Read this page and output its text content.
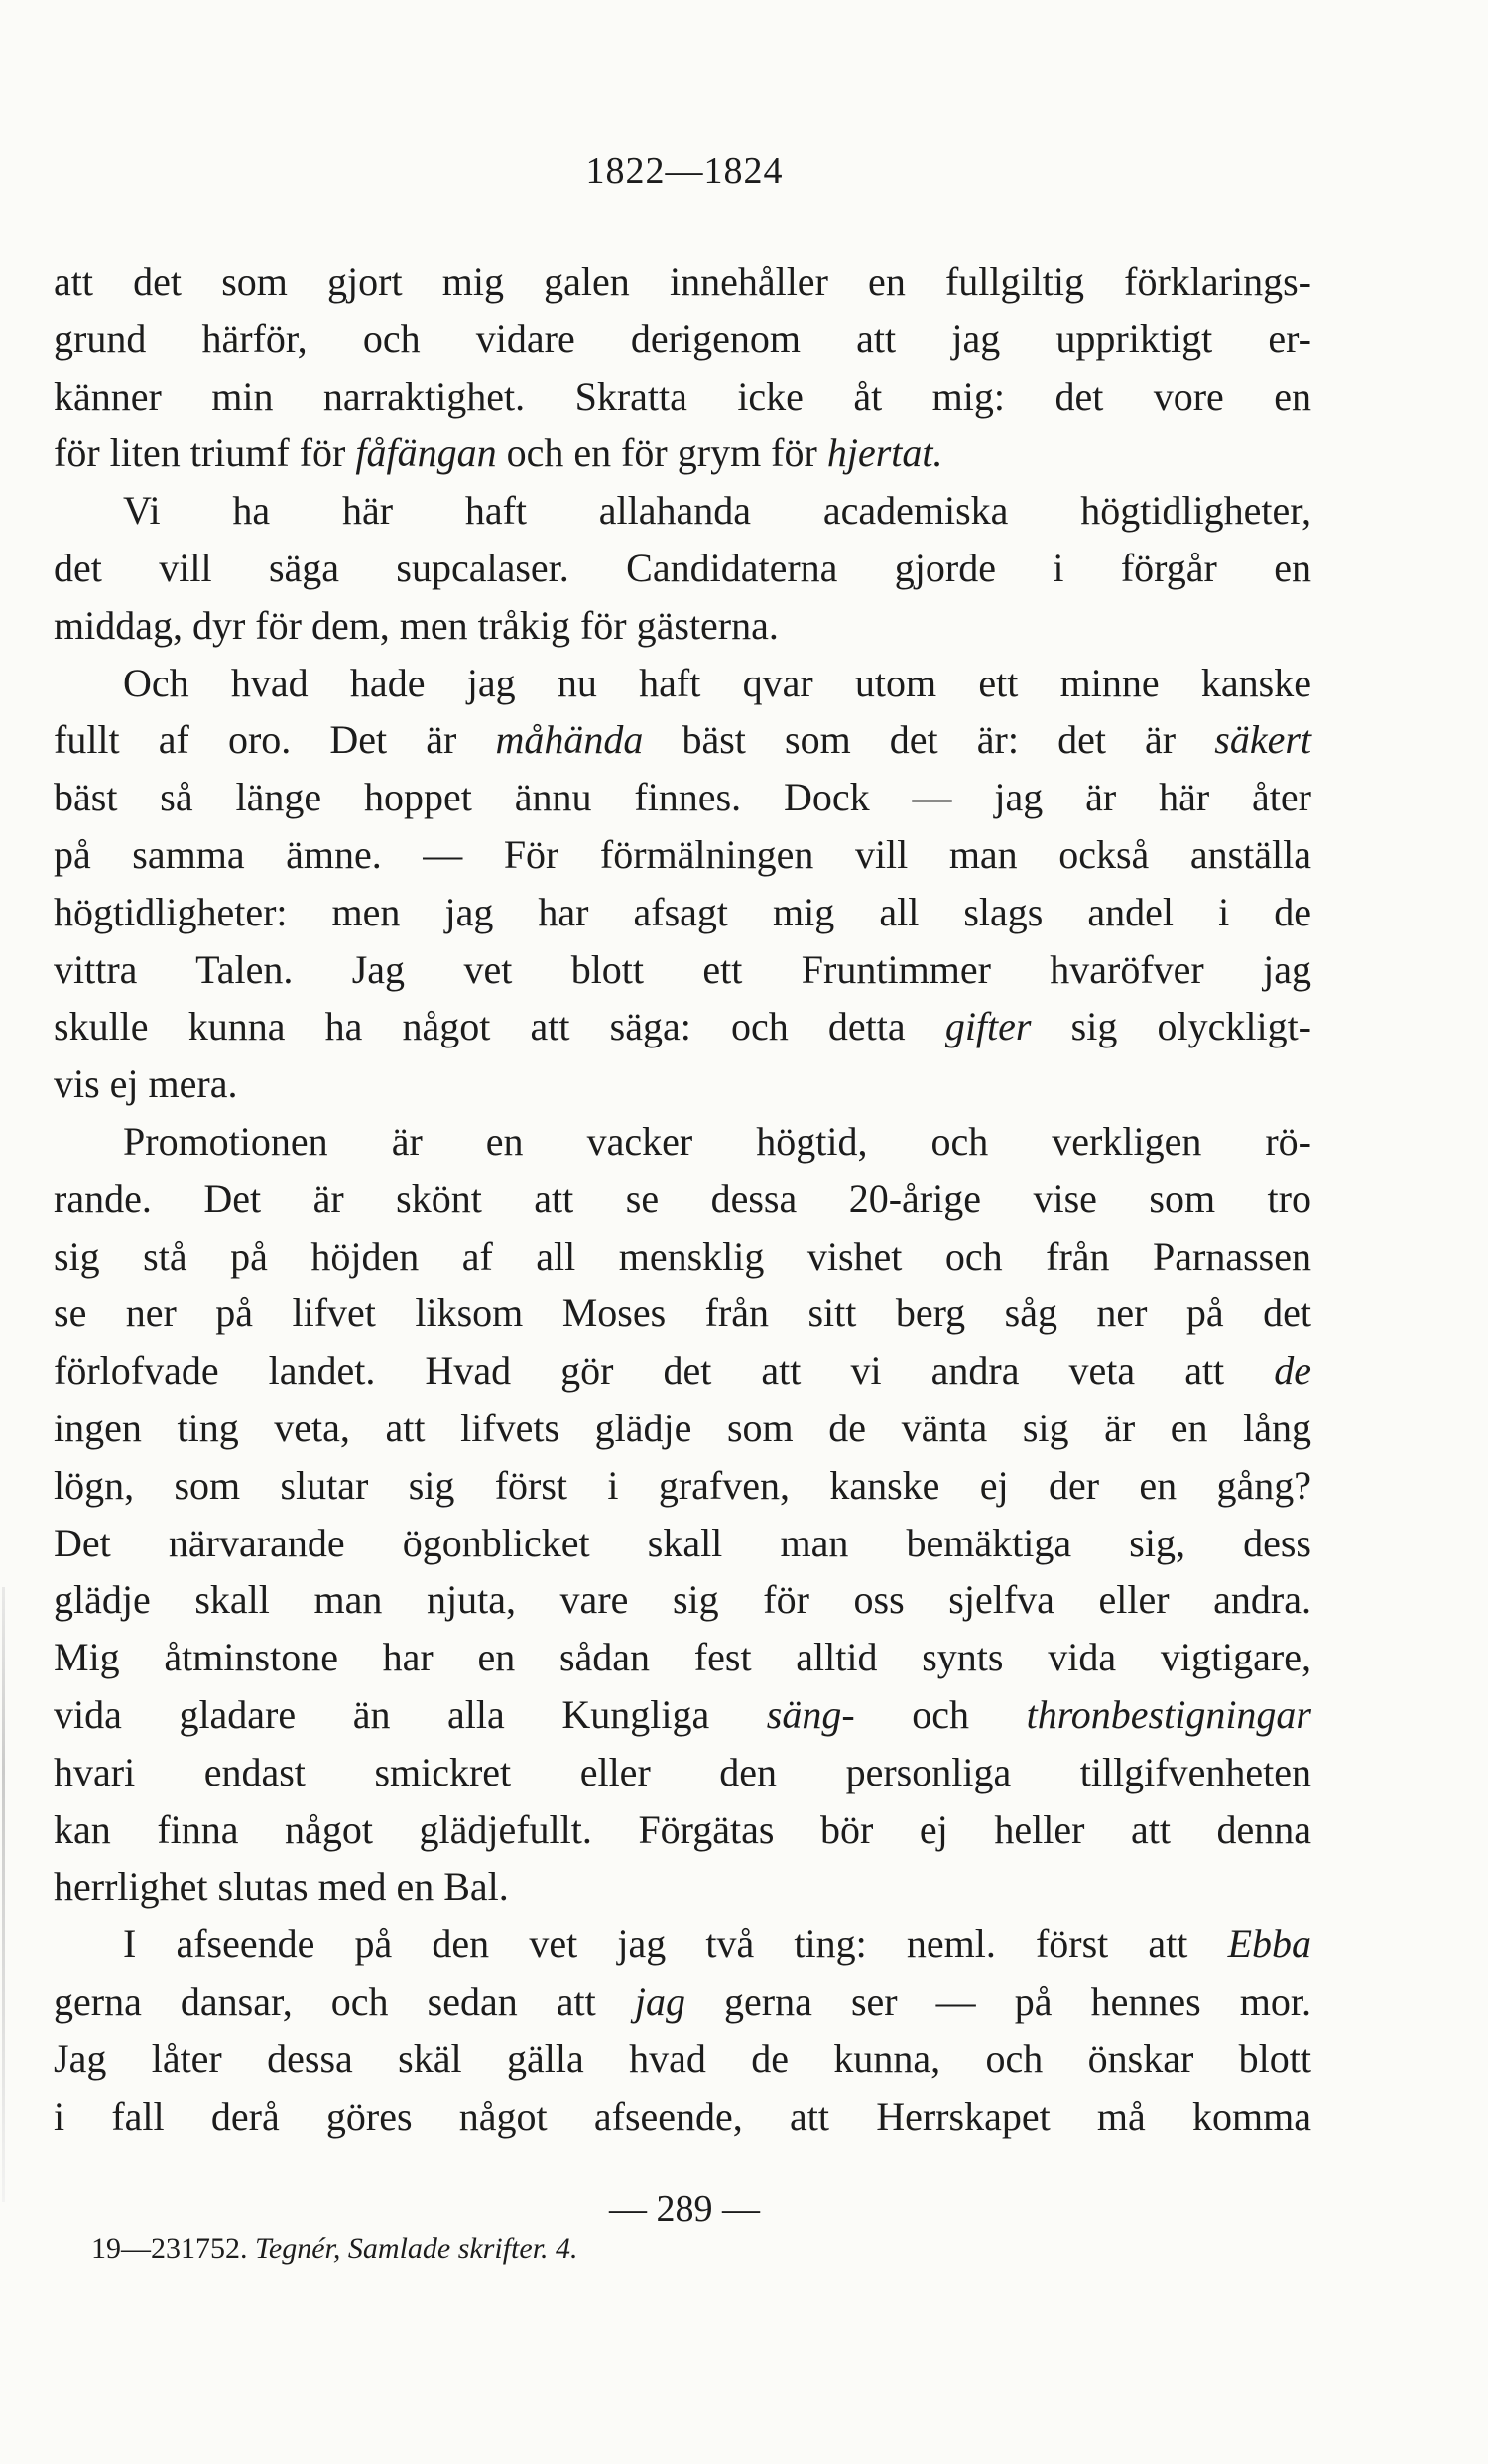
1822—1824
att det som gjort mig galen innehåller en fullgiltig förklarings-
grund härför, och vidare derigenom att jag uppriktigt er-
känner min narraktighet. Skratta icke åt mig: det vore en
för liten triumf för fåfängan och en för grym för hjertat.
Vi ha här haft allahanda academiska högtidligheter,
det vill säga supcalaser. Candidaterna gjorde i förgår en
middag, dyr för dem, men tråkig för gästerna.
Och hvad hade jag nu haft qvar utom ett minne kanske
fullt af oro. Det är måhända bäst som det är: det är säkert
bäst så länge hoppet ännu finnes. Dock — jag är här åter
på samma ämne. — För förmälningen vill man också anställa
högtidligheter: men jag har afsagt mig all slags andel i de
vittra Talen. Jag vet blott ett Fruntimmer hvaröfver jag
skulle kunna ha något att säga: och detta gifter sig olyckligt-
vis ej mera.
Promotionen är en vacker högtid, och verkligen rö-
rande. Det är skönt att se dessa 20-årige vise som tro
sig stå på höjden af all mensklig vishet och från Parnassen
se ner på lifvet liksom Moses från sitt berg såg ner på det
förlofvade landet. Hvad gör det att vi andra veta att de
ingen ting veta, att lifvets glädje som de vänta sig är en lång
lögn, som slutar sig först i grafven, kanske ej der en gång?
Det närvarande ögonblicket skall man bemäktiga sig, dess
glädje skall man njuta, vare sig för oss sjelfva eller andra.
Mig åtminstone har en sådan fest alltid synts vida vigtigare,
vida gladare än alla Kungliga säng- och thronbestigningar
hvari endast smickret eller den personliga tillgifvenheten
kan finna något glädjefullt. Förgätas bör ej heller att denna
herrlighet slutas med en Bal.
I afseende på den vet jag två ting: neml. först att Ebba
gerna dansar, och sedan att jag gerna ser — på hennes mor.
Jag låter dessa skäl gälla hvad de kunna, och önskar blott
i fall derå göres något afseende, att Herrskapet må komma
— 289 —
19—231752. Tegnér, Samlade skrifter. 4.
